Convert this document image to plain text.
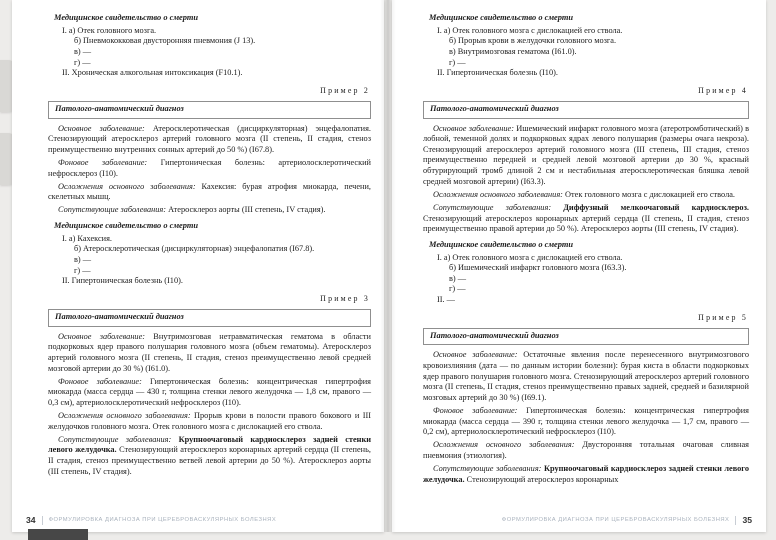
Медицинское свидетельство о смерти

I. а) Отек головного мозга.

б) Пневмококковая двусторонняя пневмония (J 13).

в) —

г) —

II. Хроническая алкогольная интоксикация (F10.1).

Пример 2
Патолого-анатомический диагноз

Основное заболевание: Атеросклеротическая (дисциркуляторная) энцефалопатия. Стенозирующий атеросклероз артерий головного мозга (II степень, II стадия, стеноз преимущественно внутренних сонных артерий до 50 %) (I67.8).

Фоновое заболевание: Гипертоническая болезнь: артериолосклеротический нефросклероз (I10).

Осложнения основного заболевания: Кахексия: бурая атрофия миокарда, печени, скелетных мышц.

Сопутствующие заболевания: Атеросклероз аорты (III степень, IV стадия).

Медицинское свидетельство о смерти

I. а) Кахексия.

б) Атеросклеротическая (дисциркуляторная) энцефалопатия (I67.8).

в) —

г) —

II. Гипертоническая болезнь (I10).

Пример 3
Патолого-анатомический диагноз

Основное заболевание: Внутримозговая нетравматическая гематома в области подкорковых ядер правого полушария головного мозга (объем гематомы). Атеросклероз артерий головного мозга (II степень, II стадия, стеноз преимущественно левой средней мозговой артерии до 30 %) (I61.0).

Фоновое заболевание: Гипертоническая болезнь: концентрическая гипертрофия миокарда (масса сердца — 430 г, толщина стенки левого желудочка — 1,8 см, правого — 0,3 см), артериолосклеротический нефросклероз (I10).

Осложнения основного заболевания: Прорыв крови в полости правого бокового и III желудочков головного мозга. Отек головного мозга с дислокацией его ствола.

Сопутствующие заболевания: Крупноочаговый кардиосклероз задней стенки левого желудочка. Стенозирующий атеросклероз коронарных артерий сердца (II степень, II стадия, стеноз преимущественно ветвей левой артерии до 50 %). Атеросклероз аорты (III степень, IV стадия).

34 ФОРМУЛИРОВКА ДИАГНОЗА ПРИ ЦЕРЕБРОВАСКУЛЯРНЫХ БОЛЕЗНЯХ
Медицинское свидетельство о смерти

I. а) Отек головного мозга с дислокацией его ствола.

б) Прорыв крови в желудочки головного мозга.

в) Внутримозговая гематома (I61.0).

г) —

II. Гипертоническая болезнь (I10).

Пример 4
Патолого-анатомический диагноз

Основное заболевание: Ишемический инфаркт головного мозга (атеротромботический) в лобной, теменной долях и подкорковых ядрах левого полушария (размеры очага некроза). Стенозирующий атеросклероз артерий головного мозга (III степень, III стадия, стеноз преимущественно передней и средней левой мозговой артерии до 30 %, красный обтурирующий тромб длиной 2 см и нестабильная атеросклеротическая бляшка левой средней мозговой артерии) (I63.3).

Осложнения основного заболевания: Отек головного мозга с дислокацией его ствола.

Сопутствующие заболевания: Диффузный мелкоочаговый кардиосклероз. Стенозирующий атеросклероз коронарных артерий сердца (II степень, II стадия, стеноз преимущественно правой артерии до 50 %). Атеросклероз аорты (III степень, IV стадия).

Медицинское свидетельство о смерти

I. а) Отек головного мозга с дислокацией его ствола.

б) Ишемический инфаркт головного мозга (I63.3).

в) —

г) —

II. —

Пример 5
Патолого-анатомический диагноз

Основное заболевание: Остаточные явления после перенесенного внутримозгового кровоизлияния (дата — по данным истории болезни): бурая киста в области подкорковых ядер правого полушария головного мозга. Стенозирующий атеросклероз артерий головного мозга (II степень, II стадия, стеноз преимущественно правых задней, средней и базилярной мозговых артерий до 30 %) (I69.1).

Фоновое заболевание: Гипертоническая болезнь: концентрическая гипертрофия миокарда (масса сердца — 390 г, толщина стенки левого желудочка — 1,7 см, правого — 0,2 см), артериолосклеротический нефросклероз (I10).

Осложнения основного заболевания: Двусторонняя тотальная очаговая сливная пневмония (этиология).

Сопутствующие заболевания: Крупноочаговый кардиосклероз задней стенки левого желудочка. Стенозирующий атеросклероз коронарных

ФОРМУЛИРОВКА ДИАГНОЗА ПРИ ЦЕРЕБРОВАСКУЛЯРНЫХ БОЛЕЗНЯХ 35
